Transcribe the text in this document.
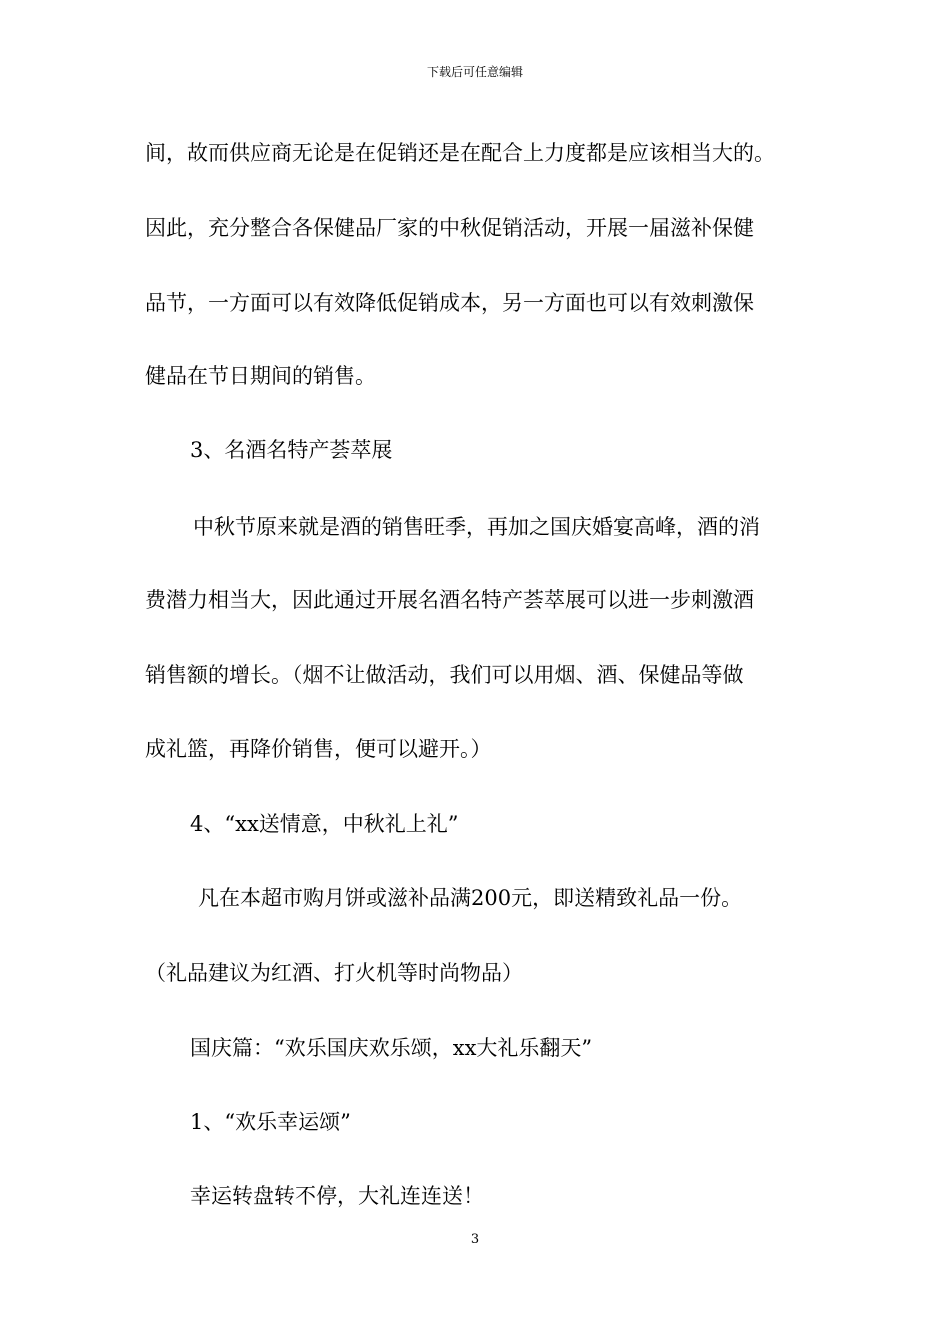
下载后可任意编辑
间，故而供应商无论是在促销还是在配合上力度都是应该相当大的。
因此，充分整合各保健品厂家的中秋促销活动，开展一届滋补保健
品节，一方面可以有效降低促销成本，另一方面也可以有效刺激保
健品在节日期间的销售。
3、名酒名特产荟萃展
中秋节原来就是酒的销售旺季，再加之国庆婚宴高峰，酒的消
费潜力相当大，因此通过开展名酒名特产荟萃展可以进一步刺激酒
销售额的增长。（烟不让做活动，我们可以用烟、酒、保健品等做
成礼篮，再降价销售，便可以避开。）
4、“xx送情意，中秋礼上礼”
凡在本超市购月饼或滋补品满200元，即送精致礼品一份。
（礼品建议为红酒、打火机等时尚物品）
国庆篇：“欢乐国庆欢乐颂，xx大礼乐翻天”
1、“欢乐幸运颂”
幸运转盘转不停，大礼连连送！
3
